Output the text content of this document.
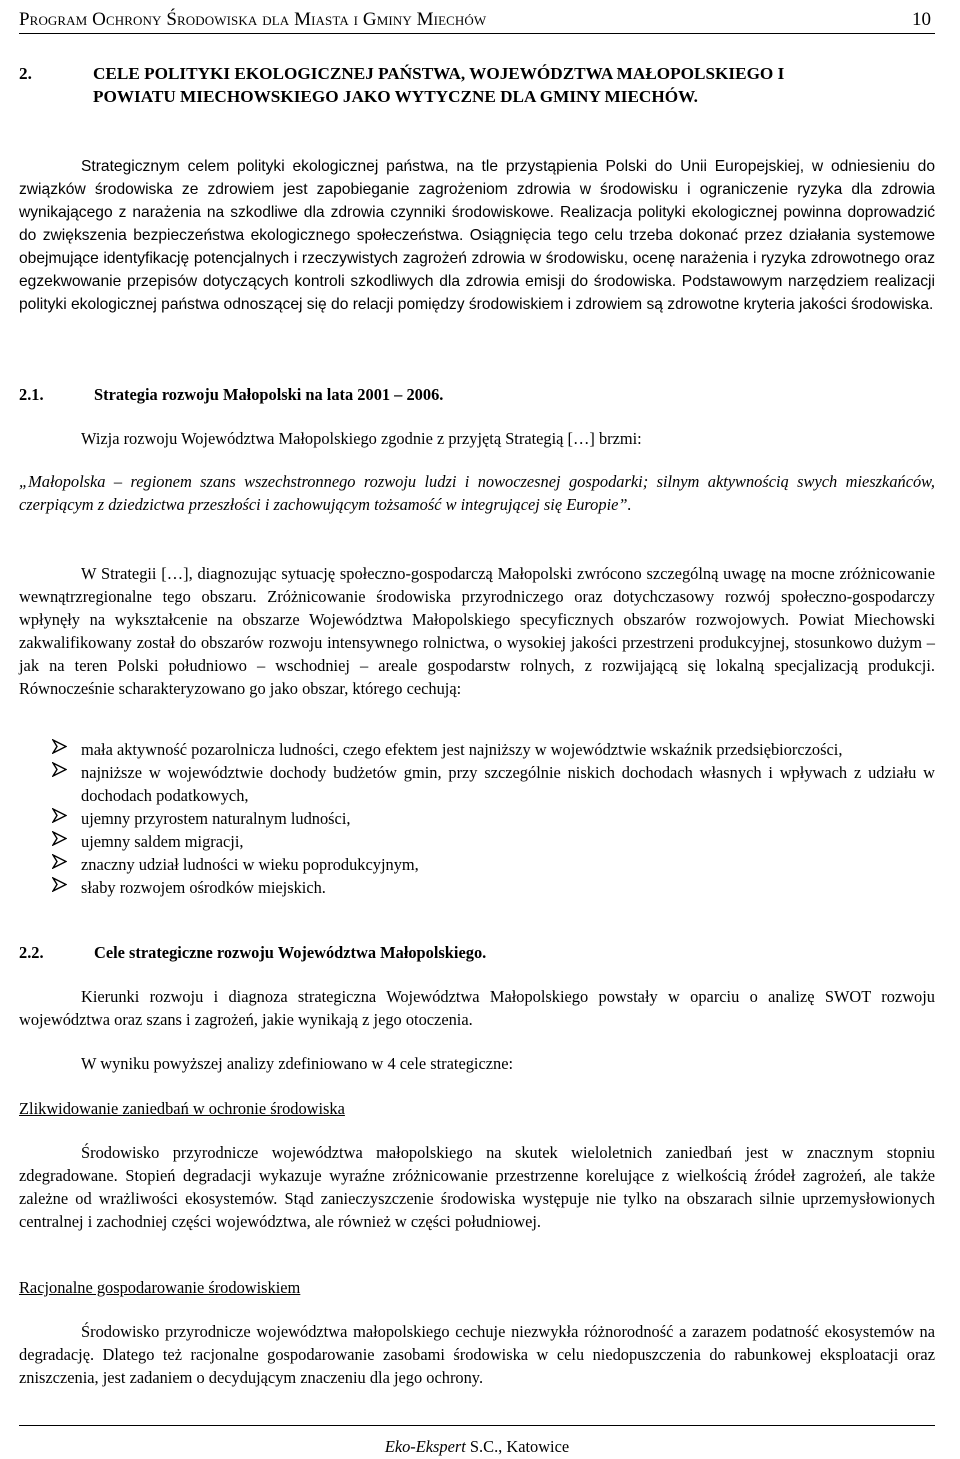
Program Ochrony Środowiska dla Miasta i Gminy Miechów	10
2.	CELE POLITYKI EKOLOGICZNEJ PAŃSTWA, WOJEWÓDZTWA MAŁOPOLSKIEGO I POWIATU MIECHOWSKIEGO JAKO WYTYCZNE DLA GMINY MIECHÓW.
Strategicznym celem polityki ekologicznej państwa, na tle przystąpienia Polski do Unii Europejskiej, w odniesieniu do związków środowiska ze zdrowiem jest zapobieganie zagrożeniom zdrowia w środowisku i ograniczenie ryzyka dla zdrowia wynikającego z narażenia na szkodliwe dla zdrowia czynniki środowiskowe. Realizacja polityki ekologicznej powinna doprowadzić do zwiększenia bezpieczeństwa ekologicznego społeczeństwa. Osiągnięcia tego celu trzeba dokonać przez działania systemowe obejmujące identyfikację potencjalnych i rzeczywistych zagrożeń zdrowia w środowisku, ocenę narażenia i ryzyka zdrowotnego oraz egzekwowanie przepisów dotyczących kontroli szkodliwych dla zdrowia emisji do środowiska. Podstawowym narzędziem realizacji polityki ekologicznej państwa odnoszącej się do relacji pomiędzy środowiskiem i zdrowiem są zdrowotne kryteria jakości środowiska.
2.1.	Strategia rozwoju Małopolski na lata 2001 – 2006.
Wizja rozwoju Województwa Małopolskiego zgodnie z przyjętą Strategią […] brzmi:
„Małopolska – regionem szans wszechstronnego rozwoju ludzi i nowoczesnej gospodarki; silnym aktywnością swych mieszkańców, czerpiącym z dziedzictwa przeszłości i zachowującym tożsamość w integrującej się Europie”.
W Strategii […], diagnozując sytuację społeczno-gospodarczą Małopolski zwrócono szczególną uwagę na mocne zróżnicowanie wewnątrzregionalne tego obszaru. Zróżnicowanie środowiska przyrodniczego oraz dotychczasowy rozwój społeczno-gospodarczy wpłynęły na wykształcenie na obszarze Województwa Małopolskiego specyficznych obszarów rozwojowych. Powiat Miechowski zakwalifikowany został do obszarów rozwoju intensywnego rolnictwa, o wysokiej jakości przestrzeni produkcyjnej, stosunkowo dużym – jak na teren Polski południowo – wschodniej – areale gospodarstw rolnych, z rozwijającą się lokalną specjalizacją produkcji. Równocześnie scharakteryzowano go jako obszar, którego cechują:
mała aktywność pozarolnicza ludności, czego efektem jest najniższy w województwie wskaźnik przedsiębiorczości,
najniższe w województwie dochody budżetów gmin, przy szczególnie niskich dochodach własnych i wpływach z udziału w dochodach podatkowych,
ujemny przyrostem naturalnym ludności,
ujemny saldem migracji,
znaczny udział ludności w wieku poprodukcyjnym,
słaby rozwojem ośrodków miejskich.
2.2.	Cele strategiczne rozwoju Województwa Małopolskiego.
Kierunki rozwoju i diagnoza strategiczna Województwa Małopolskiego powstały w oparciu o analizę SWOT rozwoju województwa oraz szans i zagrożeń, jakie wynikają z jego otoczenia.
W wyniku powyższej analizy zdefiniowano w 4 cele strategiczne:
Zlikwidowanie zaniedbań w ochronie środowiska
Środowisko przyrodnicze województwa małopolskiego na skutek wieloletnich zaniedbań jest w znacznym stopniu zdegradowane. Stopień degradacji wykazuje wyraźne zróżnicowanie przestrzenne korelujące z wielkością źródeł zagrożeń, ale także zależne od wrażliwości ekosystemów. Stąd zanieczyszczenie środowiska występuje nie tylko na obszarach silnie uprzemysłowionych centralnej i zachodniej części województwa, ale również w części południowej.
Racjonalne gospodarowanie środowiskiem
Środowisko przyrodnicze województwa małopolskiego cechuje niezwykła różnorodność a zarazem podatność ekosystemów na degradację. Dlatego też racjonalne gospodarowanie zasobami środowiska w celu niedopuszczenia do rabunkowej eksploatacji oraz zniszczenia, jest zadaniem o decydującym znaczeniu dla jego ochrony.
Eko-Ekspert S.C., Katowice
